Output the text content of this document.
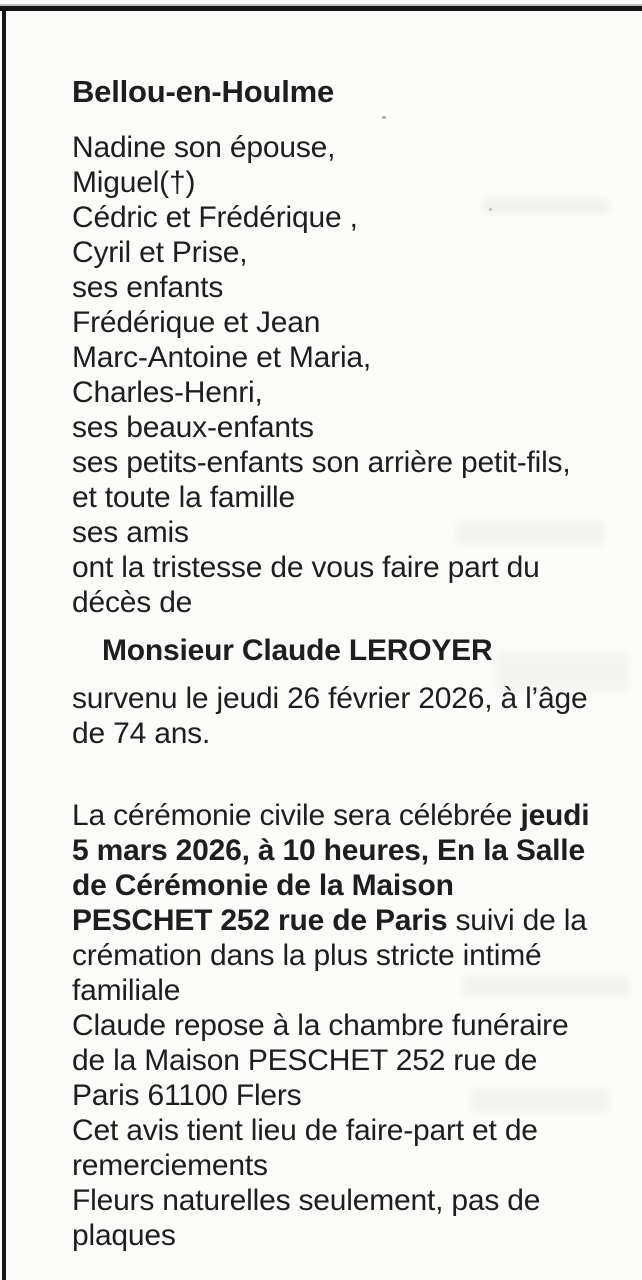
Bellou-en-Houlme

Nadine son épouse,
Miguel(†)
Cédric et Frédérique ,
Cyril et Prise,
ses enfants
Frédérique et Jean
Marc-Antoine et Maria,
Charles-Henri,
ses beaux-enfants
ses petits-enfants son arrière petit-fils,
et toute la famille
ses amis
ont la tristesse de vous faire part du
décès de

Monsieur Claude LEROYER

survenu le jeudi 26 février 2026, à l’âge
de 74 ans.

La cérémonie civile sera célébrée jeudi
5 mars 2026, à 10 heures, En la Salle
de Cérémonie de la Maison
PESCHET 252 rue de Paris suivi de la
crémation dans la plus stricte intimé
familiale
Claude repose à la chambre funéraire
de la Maison PESCHET 252 rue de
Paris 61100 Flers
Cet avis tient lieu de faire-part et de
remerciements
Fleurs naturelles seulement, pas de
plaques
